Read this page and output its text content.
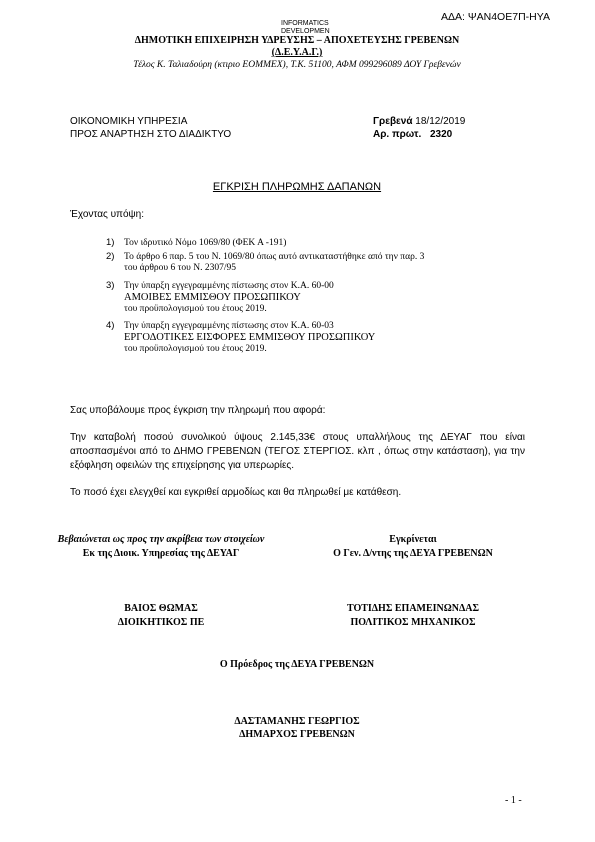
ΑΔΑ: ΨΑΝ4ΟΕ7Π-ΗΥΑ
INFORMATICS
DEVELOPMEN
ΔΗΜΟΤΙΚΗ ΕΠΙΧΕΙΡΗΣΗ ΥΔΡΕΥΣΗΣ – ΑΠΟΧΕΤΕΥΣΗΣ ΓΡΕΒΕΝΩΝ
(Δ.Ε.Υ.Α.Γ.)
Τέλος Κ. Ταλιαδούρη (κτιριο ΕΟΜΜΕΧ), Τ.Κ. 51100, ΑΦΜ 099296089 ΔΟΥ Γρεβενών
ΟΙΚΟΝΟΜΙΚΗ ΥΠΗΡΕΣΙΑ
ΠΡΟΣ ΑΝΑΡΤΗΣΗ ΣΤΟ ΔΙΑΔΙΚΤΥΟ
Γρεβενά 18/12/2019
Αρ. πρωτ. 2320
ΕΓΚΡΙΣΗ ΠΛΗΡΩΜΗΣ ΔΑΠΑΝΩΝ
Έχοντας υπόψη:
1) Τον ιδρυτικό Νόμο 1069/80 (ΦΕΚ Α -191)
2) Το άρθρο 6 παρ. 5 του Ν. 1069/80 όπως αυτό αντικαταστήθηκε από την παρ. 3
του άρθρου 6 του Ν. 2307/95
3) Την ύπαρξη εγγεγραμμένης πίστωσης στον Κ.Α. 60-00
ΑΜΟΙΒΕΣ ΕΜΜΙΣΘΟΥ ΠΡΟΣΩΠΙΚΟΥ
του προϋπολογισμού του έτους 2019.
4) Την ύπαρξη εγγεγραμμένης πίστωσης στον Κ.Α. 60-03
ΕΡΓΟΔΟΤΙΚΕΣ ΕΙΣΦΟΡΕΣ ΕΜΜΙΣΘΟΥ ΠΡΟΣΩΠΙΚΟΥ
του προϋπολογισμού του έτους 2019.
Σας υποβάλουμε προς έγκριση την πληρωμή που αφορά:
Την καταβολή ποσού συνολικού ύψους 2.145,33€ στους υπαλλήλους της ΔΕΥΑΓ που είναι αποσπασμένοι από το ΔΗΜΟ ΓΡΕΒΕΝΩΝ (ΤΕΓΟΣ ΣΤΕΡΓΙΟΣ. κλπ , όπως στην κατάσταση), για την εξόφληση οφειλών της επιχείρησης για υπερωρίες.
Το ποσό έχει ελεγχθεί και εγκριθεί αρμοδίως και θα πληρωθεί με κατάθεση.
Βεβαιώνεται ως προς την ακρίβεια των στοιχείων
Εκ της Διοικ. Υπηρεσίας της ΔΕΥΑΓ
Εγκρίνεται
Ο Γεν. Δ/ντης της ΔΕΥΑ ΓΡΕΒΕΝΩΝ
ΒΑΙΟΣ ΘΩΜΑΣ
ΔΙΟΙΚΗΤΙΚΟΣ ΠΕ
ΤΟΤΙΔΗΣ ΕΠΑΜΕΙΝΩΝΔΑΣ
ΠΟΛΙΤΙΚΟΣ ΜΗΧΑΝΙΚΟΣ
Ο Πρόεδρος της ΔΕΥΑ ΓΡΕΒΕΝΩΝ
ΔΑΣΤΑΜΑΝΗΣ ΓΕΩΡΓΙΟΣ
ΔΗΜΑΡΧΟΣ ΓΡΕΒΕΝΩΝ
- 1 -
